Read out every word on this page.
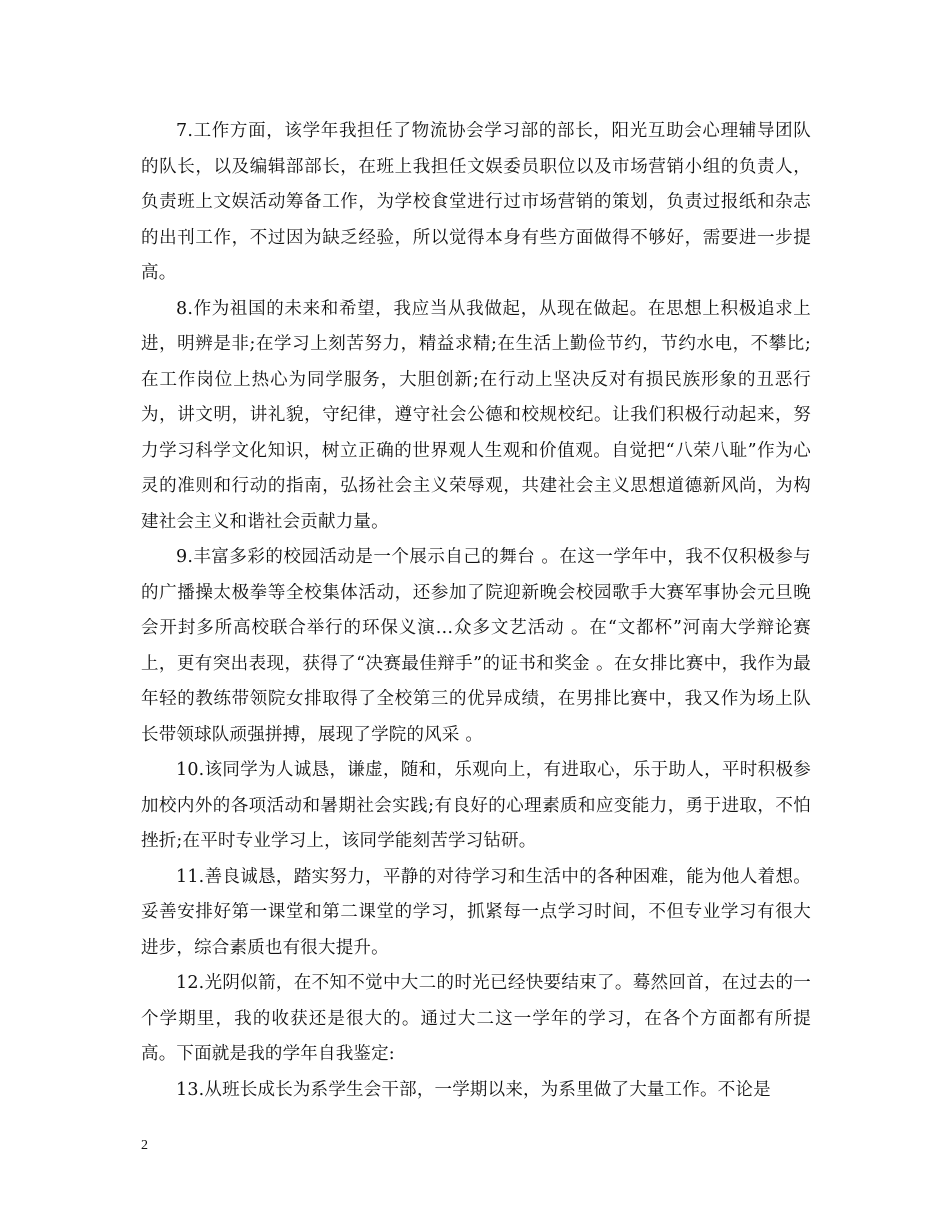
7.工作方面，该学年我担任了物流协会学习部的部长，阳光互助会心理辅导团队的队长，以及编辑部部长，在班上我担任文娱委员职位以及市场营销小组的负责人，负责班上文娱活动筹备工作，为学校食堂进行过市场营销的策划，负责过报纸和杂志的出刊工作，不过因为缺乏经验，所以觉得本身有些方面做得不够好，需要进一步提高。

8.作为祖国的未来和希望，我应当从我做起，从现在做起。在思想上积极追求上进，明辨是非;在学习上刻苦努力，精益求精;在生活上勤俭节约，节约水电，不攀比;在工作岗位上热心为同学服务，大胆创新;在行动上坚决反对有损民族形象的丑恶行为，讲文明，讲礼貌，守纪律，遵守社会公德和校规校纪。让我们积极行动起来，努力学习科学文化知识，树立正确的世界观人生观和价值观。自觉把“八荣八耻”作为心灵的准则和行动的指南，弘扬社会主义荣辱观，共建社会主义思想道德新风尚，为构建社会主义和谐社会贡献力量。

9.丰富多彩的校园活动是一个展示自己的舞台 。在这一学年中，我不仅积极参与的广播操太极拳等全校集体活动，还参加了院迎新晚会校园歌手大赛军事协会元旦晚会开封多所高校联合举行的环保义演…众多文艺活动 。在“文都杯”河南大学辩论赛上，更有突出表现，获得了“决赛最佳辩手”的证书和奖金 。在女排比赛中，我作为最年轻的教练带领院女排取得了全校第三的优异成绩，在男排比赛中，我又作为场上队长带领球队顽强拼搏，展现了学院的风采 。

10.该同学为人诚恳，谦虚，随和，乐观向上，有进取心，乐于助人，平时积极参加校内外的各项活动和暑期社会实践;有良好的心理素质和应变能力，勇于进取，不怕挫折;在平时专业学习上，该同学能刻苦学习钻研。

11.善良诚恳，踏实努力，平静的对待学习和生活中的各种困难，能为他人着想。妥善安排好第一课堂和第二课堂的学习，抓紧每一点学习时间，不但专业学习有很大进步，综合素质也有很大提升。

12.光阴似箭，在不知不觉中大二的时光已经快要结束了。蓦然回首，在过去的一个学期里，我的收获还是很大的。通过大二这一学年的学习，在各个方面都有所提高。下面就是我的学年自我鉴定:

13.从班长成长为系学生会干部，一学期以来，为系里做了大量工作。不论是

2
